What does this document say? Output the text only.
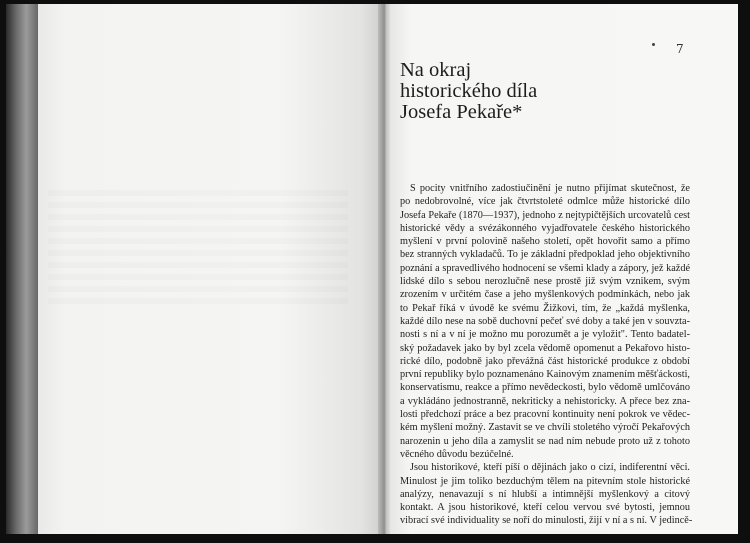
7
Na okraj
historického díla
Josefa Pekaře*
S pocity vnitřního zadostiučinění je nutno přijímat skutečnost, že
po nedobrovolné, více jak čtvrtstoleté odmlce může historické dílo
Josefa Pekaře (1870—1937), jednoho z nejtypičtějších urcovatelů cest
historické vědy a svézákonného vyjadřovatele českého historického
myšlení v první polovině našeho století, opět hovořit samo a přímo
bez stranných vykladačů. To je základní předpoklad jeho objektivního
poznání a spravedlivého hodnocení se všemi klady a zápory, jež každé
lidské dílo s sebou nerozlučně nese prostě již svým vznikem, svým
zrozením v určitém čase a jeho myšlenkových podmínkách, nebo jak
to Pekař říká v úvodě ke svému Žižkovi, tím, že „každá myšlenka,
každé dílo nese na sobě duchovní pečeť své doby a také jen v souvzta-
nosti s ní a v ní je možno mu porozumět a je vyložit". Tento badatel-
ský požadavek jako by byl zcela vědomě opomenut a Pekařovo histo-
rické dílo, podobně jako převážná část historické produkce z období
první republiky bylo poznamenáno Kainovým znamením měšťáckosti,
konservatismu, reakce a přímo nevědeckosti, bylo vědomě umlčováno
a vykládáno jednostranně, nekriticky a nehistoricky. A přece bez zna-
losti předchozí práce a bez pracovní kontinuity není pokrok ve vědec-
kém myšlení možný. Zastavit se ve chvíli stoletého výročí Pekařových
narozenin u jeho díla a zamyslit se nad ním nebude proto už z tohoto
věcného důvodu bezúčelné.
Jsou historikové, kteří píší o dějinách jako o cizí, indiferentní věci.
Minulost je jim toliko bezduchým tělem na pitevním stole historické
analýzy, nenavazují s ní hlubší a intimnější myšlenkový a citový
kontakt. A jsou historikové, kteří celou vervou své bytosti, jemnou
vibrací své individuality se noří do minulosti, žijí v ní a s ní. V jedincě-
